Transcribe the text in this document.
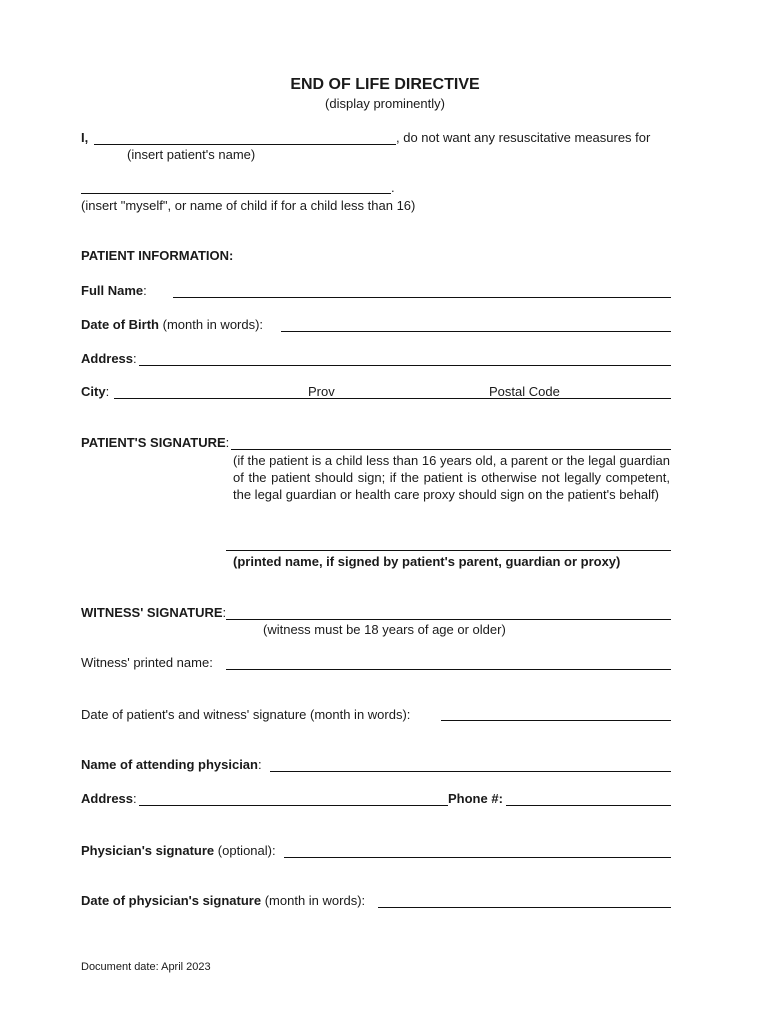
END OF LIFE DIRECTIVE
(display prominently)
I,	, do not want any resuscitative measures for
(insert patient's name)
.
(insert "myself", or name of child if for a child less than 16)
PATIENT INFORMATION:
Full Name:
Date of Birth (month in words):
Address:
City:	Prov	Postal Code
PATIENT'S SIGNATURE:
(if the patient is a child less than 16 years old, a parent or the legal guardian of the patient should sign; if the patient is otherwise not legally competent, the legal guardian or health care proxy should sign on the patient's behalf)
(printed name, if signed by patient's parent, guardian or proxy)
WITNESS' SIGNATURE:
(witness must be 18 years of age or older)
Witness' printed name:
Date of patient's and witness' signature (month in words):
Name of attending physician:
Address:	Phone #:
Physician's signature (optional):
Date of physician's signature (month in words):
Document date: April 2023
